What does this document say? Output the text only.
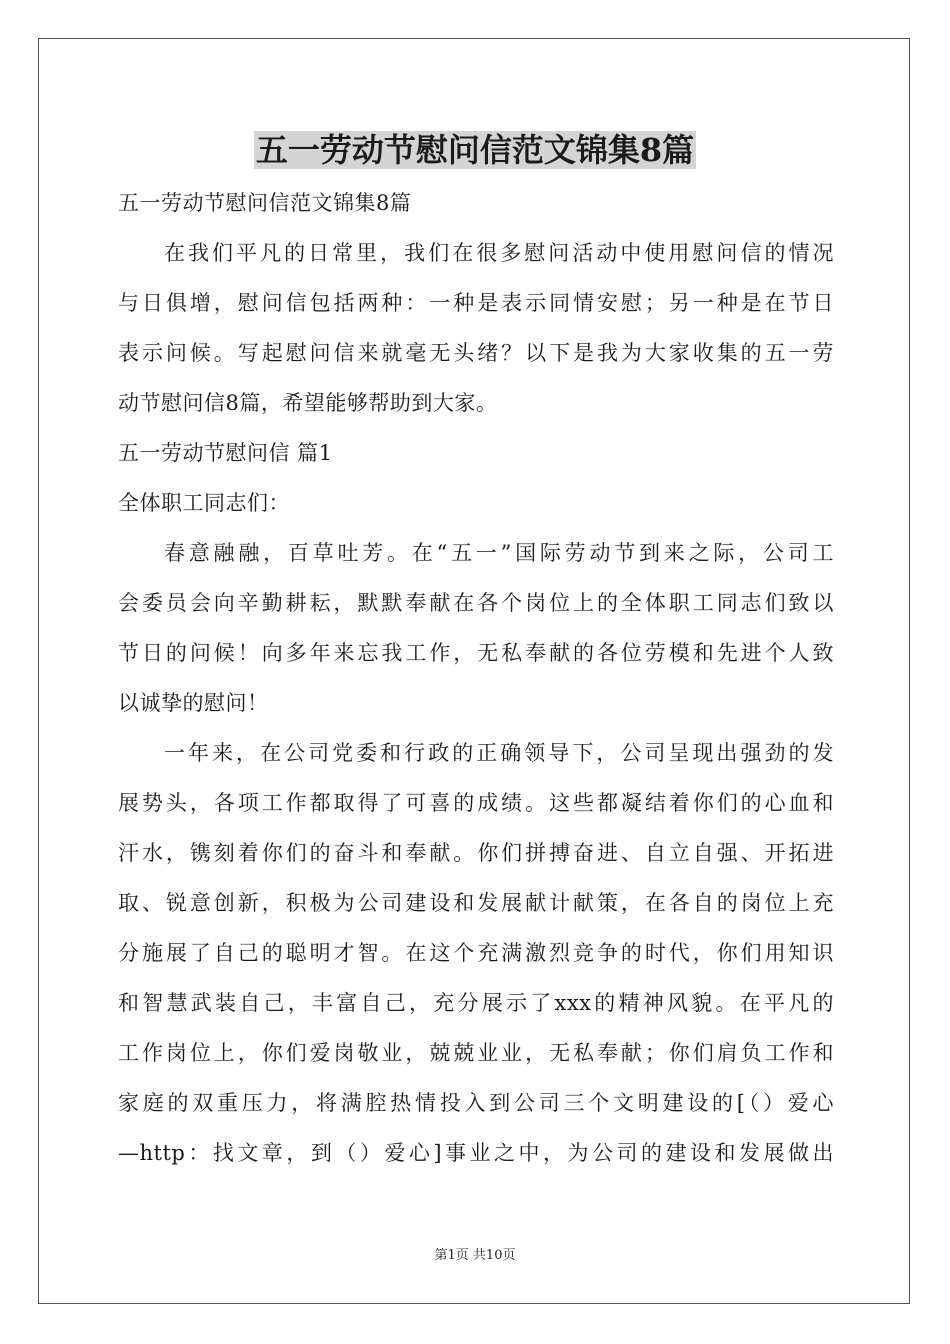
五一劳动节慰问信范文锦集8篇
五一劳动节慰问信范文锦集8篇
在我们平凡的日常里，我们在很多慰问活动中使用慰问信的情况
与日俱增，慰问信包括两种：一种是表示同情安慰；另一种是在节日
表示问候。写起慰问信来就毫无头绪？以下是我为大家收集的五一劳
动节慰问信8篇，希望能够帮助到大家。
五一劳动节慰问信 篇1
全体职工同志们：
春意融融，百草吐芳。在“五一”国际劳动节到来之际，公司工
会委员会向辛勤耕耘，默默奉献在各个岗位上的全体职工同志们致以
节日的问候！向多年来忘我工作，无私奉献的各位劳模和先进个人致
以诚挚的慰问！
一年来，在公司党委和行政的正确领导下，公司呈现出强劲的发
展势头，各项工作都取得了可喜的成绩。这些都凝结着你们的心血和
汗水，镌刻着你们的奋斗和奉献。你们拼搏奋进、自立自强、开拓进
取、锐意创新，积极为公司建设和发展献计献策，在各自的岗位上充
分施展了自己的聪明才智。在这个充满激烈竞争的时代，你们用知识
和智慧武装自己，丰富自己，充分展示了xxx的精神风貌。在平凡的
工作岗位上，你们爱岗敬业，兢兢业业，无私奉献；你们肩负工作和
家庭的双重压力，将满腔热情投入到公司三个文明建设的[（）爱心
—http：找文章，到（）爱心]事业之中，为公司的建设和发展做出
第1页 共10页
